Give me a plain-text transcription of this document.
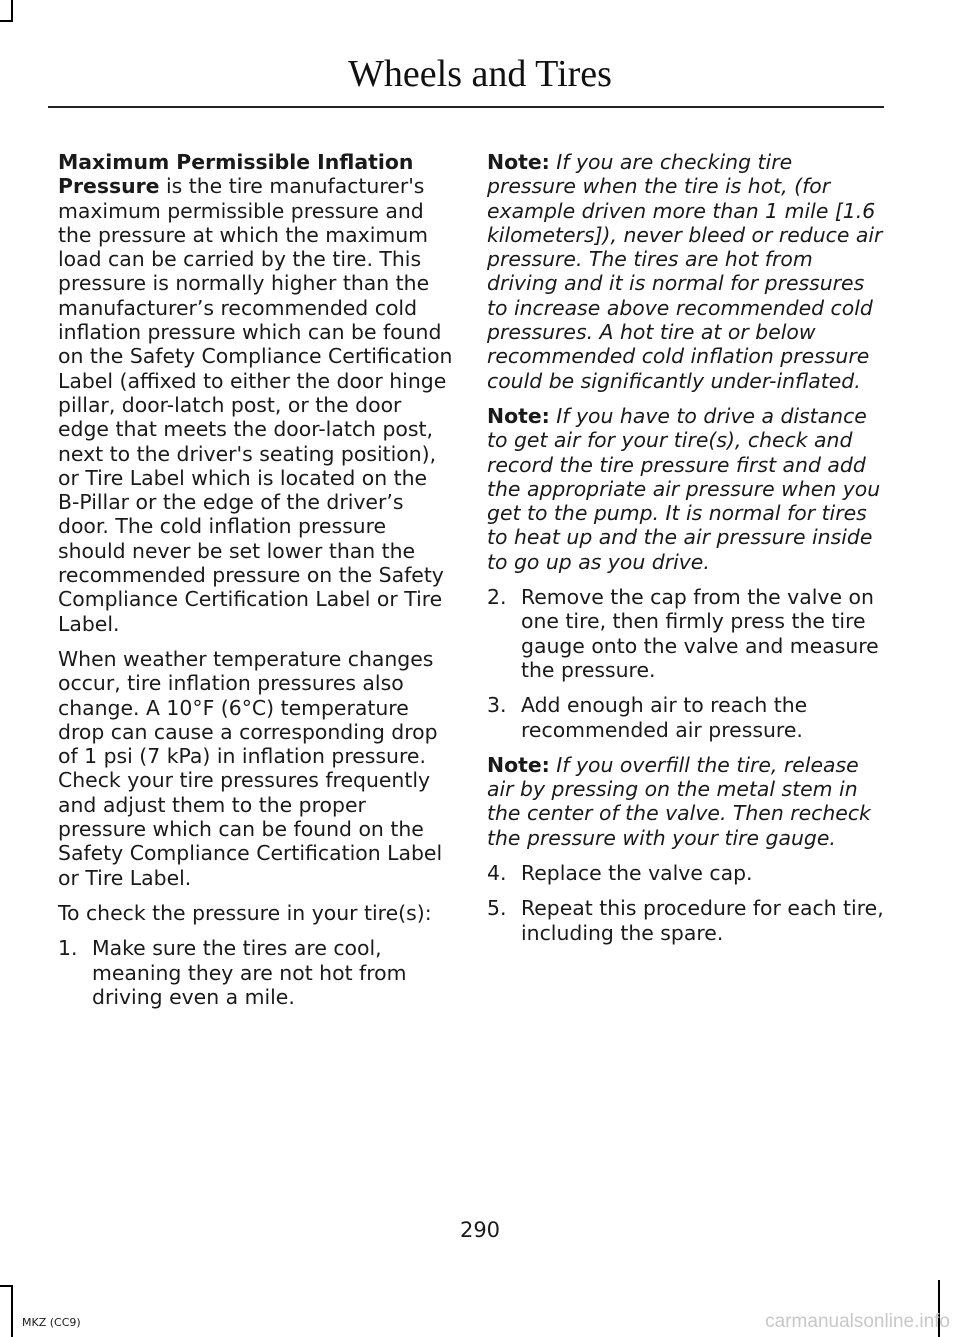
Wheels and Tires

Maximum Permissible Inflation Pressure is the tire manufacturer's maximum permissible pressure and the pressure at which the maximum load can be carried by the tire. This pressure is normally higher than the manufacturer’s recommended cold inflation pressure which can be found on the Safety Compliance Certification Label (affixed to either the door hinge pillar, door-latch post, or the door edge that meets the door-latch post, next to the driver's seating position), or Tire Label which is located on the B-Pillar or the edge of the driver’s door. The cold inflation pressure should never be set lower than the recommended pressure on the Safety Compliance Certification Label or Tire Label.

When weather temperature changes occur, tire inflation pressures also change. A 10°F (6°C) temperature drop can cause a corresponding drop of 1 psi (7 kPa) in inflation pressure. Check your tire pressures frequently and adjust them to the proper pressure which can be found on the Safety Compliance Certification Label or Tire Label.

To check the pressure in your tire(s):

1. Make sure the tires are cool, meaning they are not hot from driving even a mile.

Note: If you are checking tire pressure when the tire is hot, (for example driven more than 1 mile [1.6 kilometers]), never bleed or reduce air pressure. The tires are hot from driving and it is normal for pressures to increase above recommended cold pressures. A hot tire at or below recommended cold inflation pressure could be significantly under-inflated.

Note: If you have to drive a distance to get air for your tire(s), check and record the tire pressure first and add the appropriate air pressure when you get to the pump. It is normal for tires to heat up and the air pressure inside to go up as you drive.

2. Remove the cap from the valve on one tire, then firmly press the tire gauge onto the valve and measure the pressure.
3. Add enough air to reach the recommended air pressure.

Note: If you overfill the tire, release air by pressing on the metal stem in the center of the valve. Then recheck the pressure with your tire gauge.

4. Replace the valve cap.
5. Repeat this procedure for each tire, including the spare.
290
MKZ (CC9)	carmanualsonline.info
